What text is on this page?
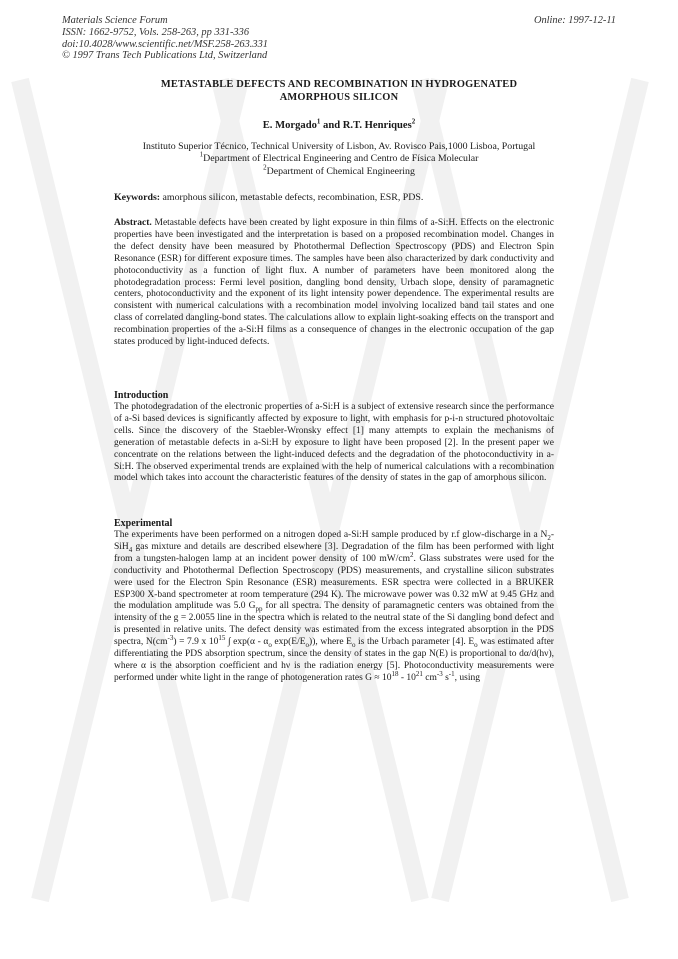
Materials Science Forum
ISSN: 1662-9752, Vols. 258-263, pp 331-336
doi:10.4028/www.scientific.net/MSF.258-263.331
© 1997 Trans Tech Publications Ltd, Switzerland
Online: 1997-12-11
METASTABLE DEFECTS AND RECOMBINATION IN HYDROGENATED
AMORPHOUS SILICON
E. Morgado$^1$ and R.T. Henriques$^2$
Instituto Superior Técnico, Technical University of Lisbon, Av. Rovisco Pais,1000 Lisboa, Portugal
$^1$Department of Electrical Engineering and Centro de Física Molecular
$^2$Department of Chemical Engineering
Keywords: amorphous silicon, metastable defects, recombination, ESR, PDS.
Abstract. Metastable defects have been created by light exposure in thin films of a-Si:H. Effects on the electronic properties have been investigated and the interpretation is based on a proposed recombination model. Changes in the defect density have been measured by Photothermal Deflection Spectroscopy (PDS) and Electron Spin Resonance (ESR) for different exposure times. The samples have been also characterized by dark conductivity and photoconductivity as a function of light flux. A number of parameters have been monitored along the photodegradation process: Fermi level position, dangling bond density, Urbach slope, density of paramagnetic centers, photoconductivity and the exponent of its light intensity power dependence. The experimental results are consistent with numerical calculations with a recombination model involving localized band tail states and one class of correlated dangling-bond states. The calculations allow to explain light-soaking effects on the transport and recombination properties of the a-Si:H films as a consequence of changes in the electronic occupation of the gap states produced by light-induced defects.
Introduction
The photodegradation of the electronic properties of a-Si:H is a subject of extensive research since the performance of a-Si based devices is significantly affected by exposure to light, with emphasis for p-i-n structured photovoltaic cells. Since the discovery of the Staebler-Wronsky effect [1] many attempts to explain the mechanisms of generation of metastable defects in a-Si:H by exposure to light have been proposed [2]. In the present paper we concentrate on the relations between the light-induced defects and the degradation of the photoconductivity in a-Si:H. The observed experimental trends are explained with the help of numerical calculations with a recombination model which takes into account the characteristic features of the density of states in the gap of amorphous silicon.
Experimental
The experiments have been performed on a nitrogen doped a-Si:H sample produced by r.f glow-discharge in a $N_2-SiH_4$ gas mixture and details are described elsewhere [3]. Degradation of the film has been performed with light from a tungsten-halogen lamp at an incident power density of 100 $mW/cm^2$. Glass substrates were used for the conductivity and Photothermal Deflection Spectroscopy (PDS) measurements, and crystalline silicon substrates were used for the Electron Spin Resonance (ESR) measurements. ESR spectra were collected in a BRUKER ESP300 X-band spectrometer at room temperature (294 K). The microwave power was 0.32 mW at 9.45 GHz and the modulation amplitude was 5.0 $G_{pp}$ for all spectra. The density of paramagnetic centers was obtained from the intensity of the g = 2.0055 line in the spectra which is related to the neutral state of the Si dangling bond defect and is presented in relative units. The defect density was estimated from the excess integrated absorption in the PDS spectra, $N(cm^{-3}) = 7.9$ x $10^{15}$ ∫ $\exp(\alpha - \alpha_o$ $\exp(E/E_o)$), where $E_o$ is the Urbach parameter [4]. $E_o$ was estimated after differentiating the PDS absorption spectrum, since the density of states in the gap N(E) is proportional to dα/d(hν), where α is the absorption coefficient and hν is the radiation energy [5]. Photoconductivity measurements were performed under white light in the range of photogeneration rates $G \approx 10^{18} - 10^{21}$ $cm^{-3}$ $s^{-1}$, using
